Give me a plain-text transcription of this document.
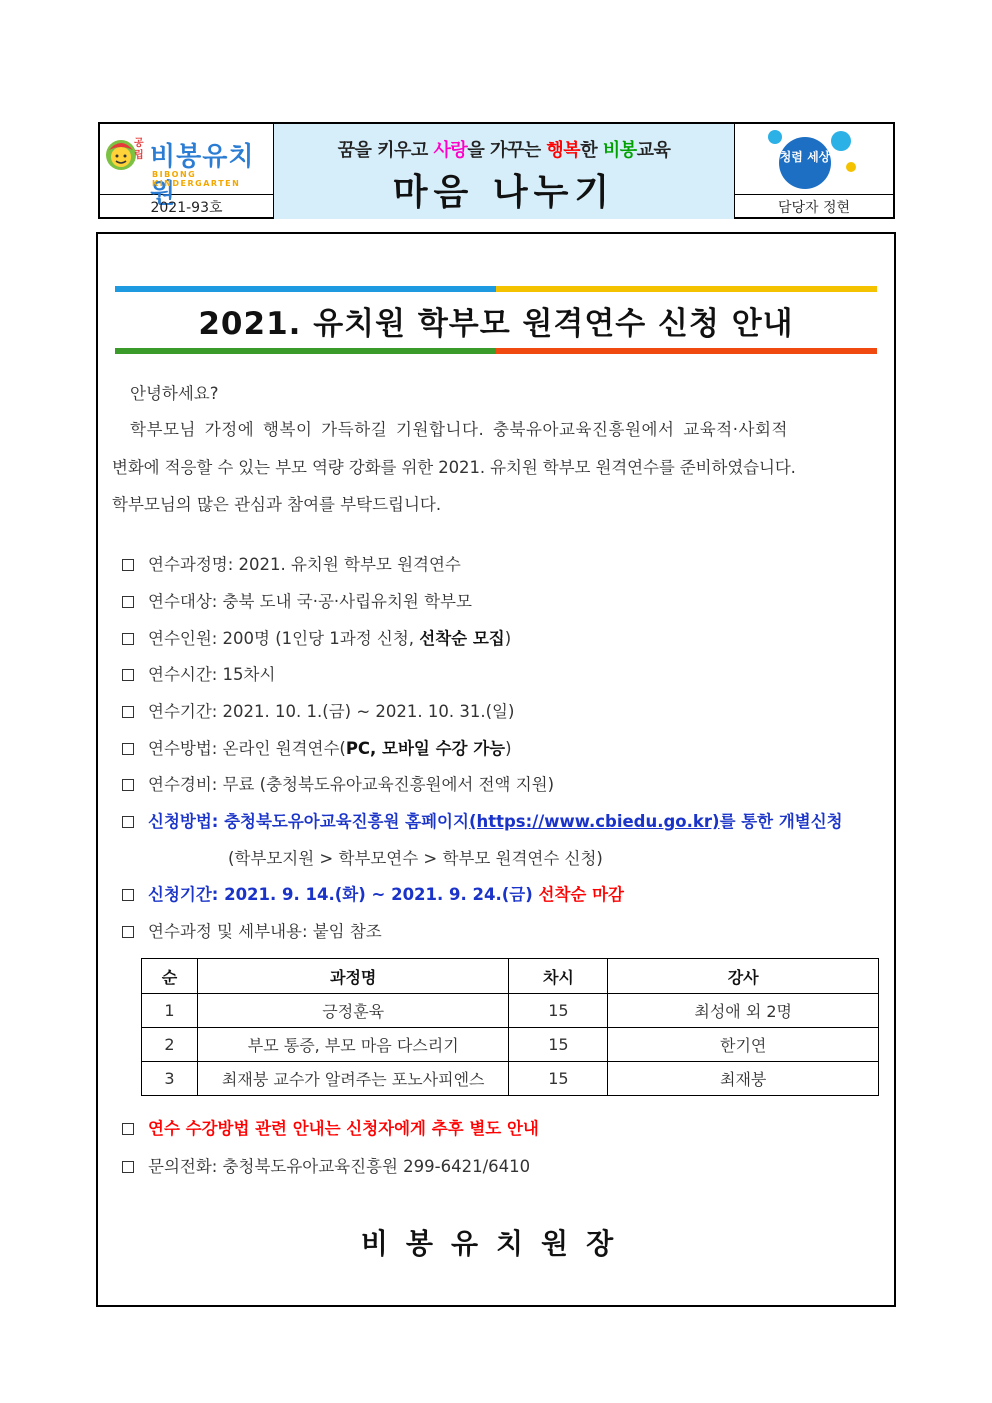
공립 비봉유치원
BIBONG KINDERGARTEN
2021-93호
꿈을 키우고 사랑을 가꾸는 행복한 비봉교육
마음 나누기
청렴 세상
담당자 정현
2021. 유치원 학부모 원격연수 신청 안내
안녕하세요?
학부모님 가정에 행복이 가득하길 기원합니다. 충북유아교육진흥원에서 교육적·사회적
변화에 적응할 수 있는 부모 역량 강화를 위한 2021. 유치원 학부모 원격연수를 준비하였습니다.
학부모님의 많은 관심과 참여를 부탁드립니다.
연수과정명: 2021. 유치원 학부모 원격연수
연수대상: 충북 도내 국·공·사립유치원 학부모
연수인원: 200명 (1인당 1과정 신청, 선착순 모집)
연수시간: 15차시
연수기간: 2021. 10. 1.(금) ~ 2021. 10. 31.(일)
연수방법: 온라인 원격연수(PC, 모바일 수강 가능)
연수경비: 무료 (충청북도유아교육진흥원에서 전액 지원)
신청방법: 충청북도유아교육진흥원 홈페이지(https://www.cbiedu.go.kr)를 통한 개별신청
(학부모지원 > 학부모연수 > 학부모 원격연수 신청)
신청기간: 2021. 9. 14.(화) ~ 2021. 9. 24.(금) 선착순 마감
연수과정 및 세부내용: 붙임 참조
순	과정명	차시	강사
1	긍정훈육	15	최성애 외 2명
2	부모 통증, 부모 마음 다스리기	15	한기연
3	최재붕 교수가 알려주는 포노사피엔스	15	최재붕
연수 수강방법 관련 안내는 신청자에게 추후 별도 안내
문의전화: 충청북도유아교육진흥원 299-6421/6410
비봉유치원장
